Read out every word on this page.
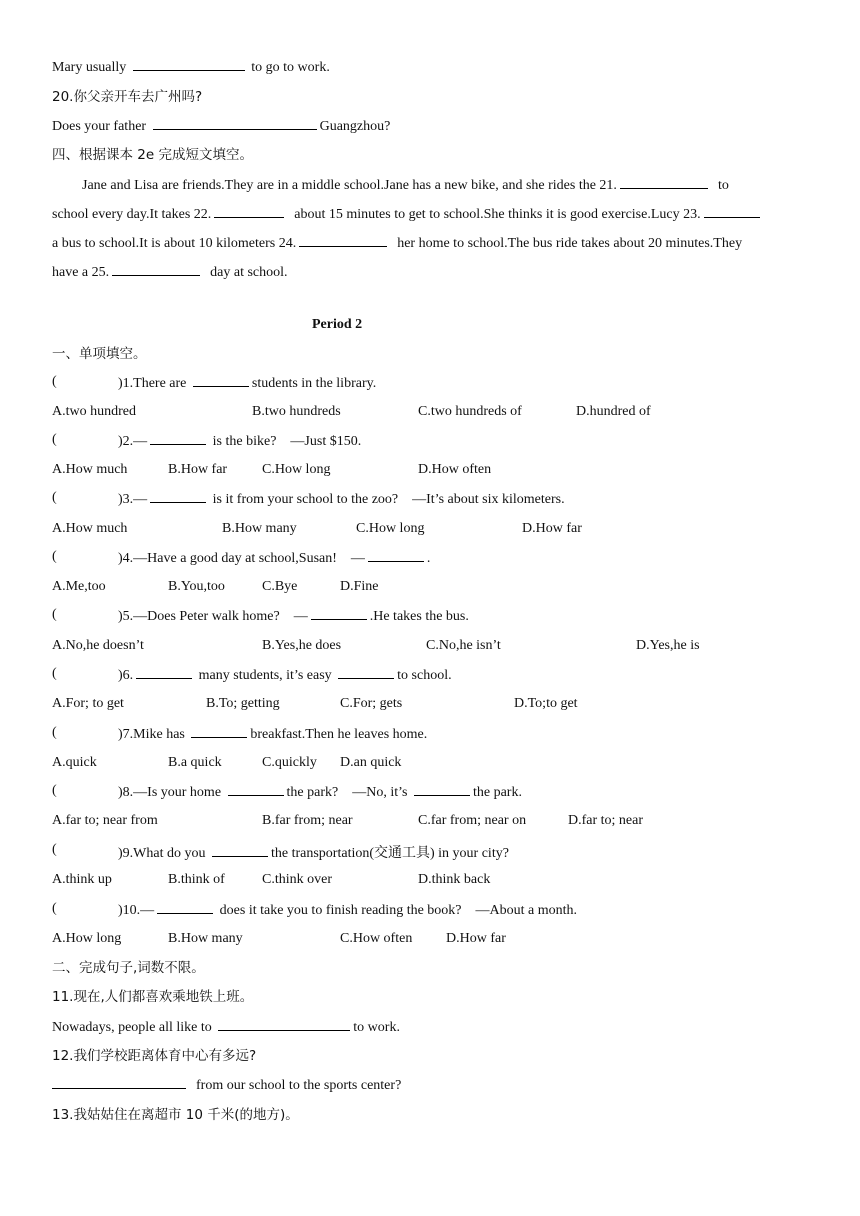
Mary usually	to go to work.
20.你父亲开车去广州吗?
Does your father	Guangzhou?
四、根据课本 2e 完成短文填空。
Jane and Lisa are friends.They are in a middle school.Jane has a new bike, and she rides the 21.	to
school every day.It takes 22.	about 15 minutes to get to school.She thinks it is good exercise.Lucy 23.
a bus to school.It is about 10 kilometers 24.	her home to school.The bus ride takes about 20 minutes.They
have a 25.	day at school.
Period 2
一、单项填空。
(	)1.There are	students in the library.
A.two hundred	B.two hundreds	C.two hundreds of	D.hundred of
(	)2.—	is the bike?    —Just $150.
A.How much	B.How far C.How long	D.How often
(	)3.—	is it from your school to the zoo?    —It’s about six kilometers.
A.How much	B.How many	C.How long	D.How far
(	)4.—Have a good day at school,Susan!    —	.
A.Me,too	B.You,too	C.Bye	D.Fine
(	)5.—Does Peter walk home?    —	.He takes the bus.
A.No,he doesn’t	B.Yes,he does	C.No,he isn’t	D.Yes,he is
(	)6.	many students, it’s easy	to school.
A.For; to get	B.To; getting	C.For; gets	D.To;to get
(	)7.Mike has	breakfast.Then he leaves home.
A.quick	B.a quick	C.quickly D.an quick
(	)8.—Is your home	the park?    —No, it’s	the park.
A.far to; near from	B.far from; near	C.far from; near on	D.far to; near
(	)9.What do you	the transportation(交通工具) in your city?
A.think up	B.think of	C.think over	D.think back
(	)10.—	does it take you to finish reading the book?    —About a month.
A.How long	B.How many	C.How often D.How far
二、完成句子,词数不限。
11.现在,人们都喜欢乘地铁上班。
Nowadays, people all like to	to work.
12.我们学校距离体育中心有多远?
from our school to the sports center?
13.我姑姑住在离超市 10 千米(的地方)。
